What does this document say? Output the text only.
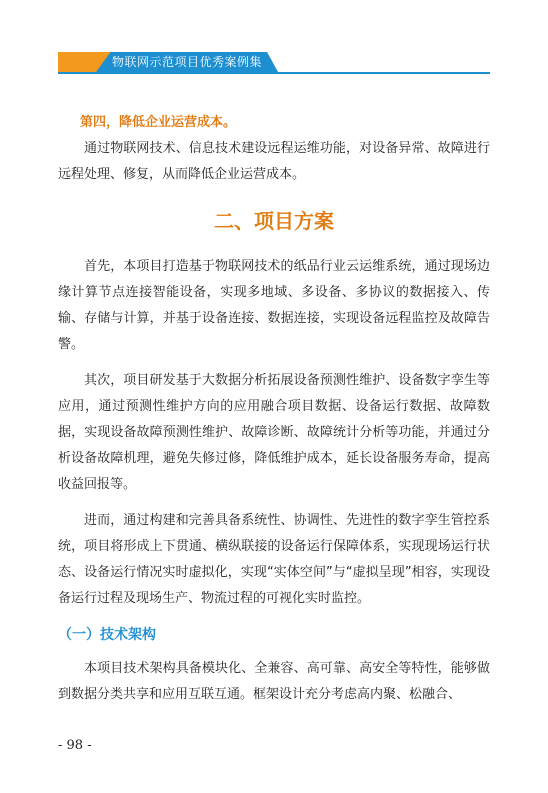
物联网示范项目优秀案例集
第四，降低企业运营成本。

通过物联网技术、信息技术建设远程运维功能，对设备异常、故障进行远程处理、修复，从而降低企业运营成本。

二、项目方案

首先，本项目打造基于物联网技术的纸品行业云运维系统，通过现场边缘计算节点连接智能设备，实现多地域、多设备、多协议的数据接入、传输、存储与计算，并基于设备连接、数据连接，实现设备远程监控及故障告警。

其次，项目研发基于大数据分析拓展设备预测性维护、设备数字孪生等应用，通过预测性维护方向的应用融合项目数据、设备运行数据、故障数据，实现设备故障预测性维护、故障诊断、故障统计分析等功能，并通过分析设备故障机理，避免失修过修，降低维护成本，延长设备服务寿命，提高收益回报等。

进而，通过构建和完善具备系统性、协调性、先进性的数字孪生管控系统，项目将形成上下贯通、横纵联接的设备运行保障体系，实现现场运行状态、设备运行情况实时虚拟化，实现“实体空间”与“虚拟呈现”相容，实现设备运行过程及现场生产、物流过程的可视化实时监控。

（一）技术架构

本项目技术架构具备模块化、全兼容、高可靠、高安全等特性，能够做到数据分类共享和应用互联互通。框架设计充分考虑高内聚、松融合、

- 98 -
